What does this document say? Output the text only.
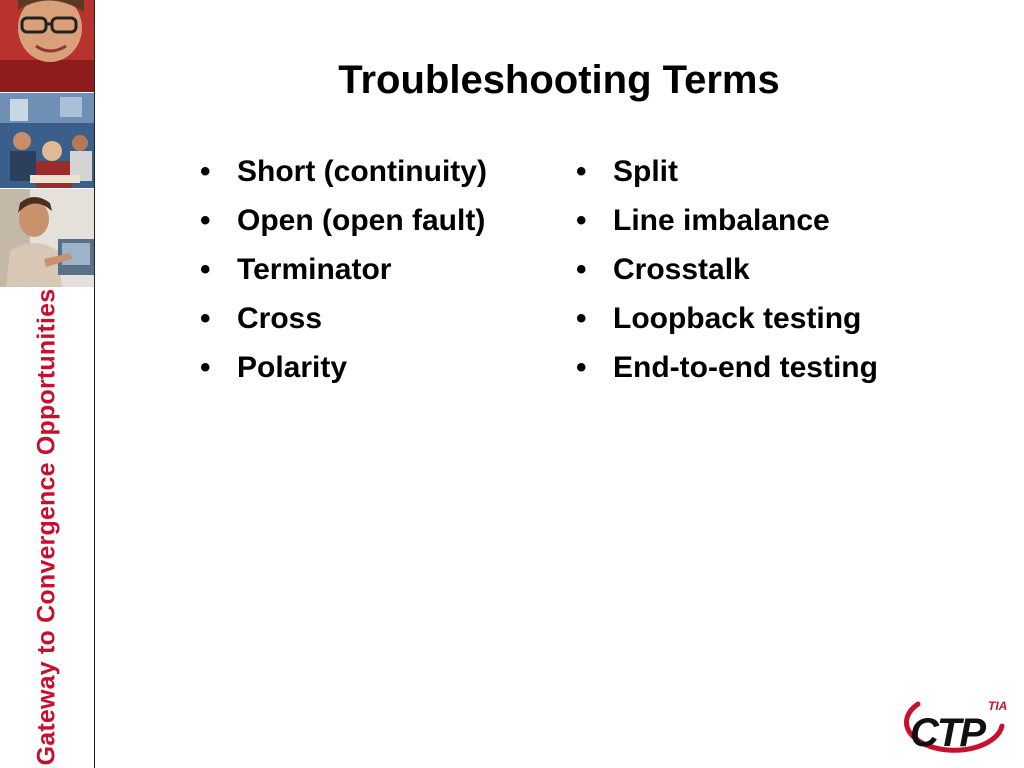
Gateway to Convergence Opportunities
Troubleshooting Terms
• Short (continuity)
• Open (open fault)
• Terminator
• Cross
• Polarity
• Split
• Line imbalance
• Crosstalk
• Loopback testing
• End-to-end testing
TIA
CTP
